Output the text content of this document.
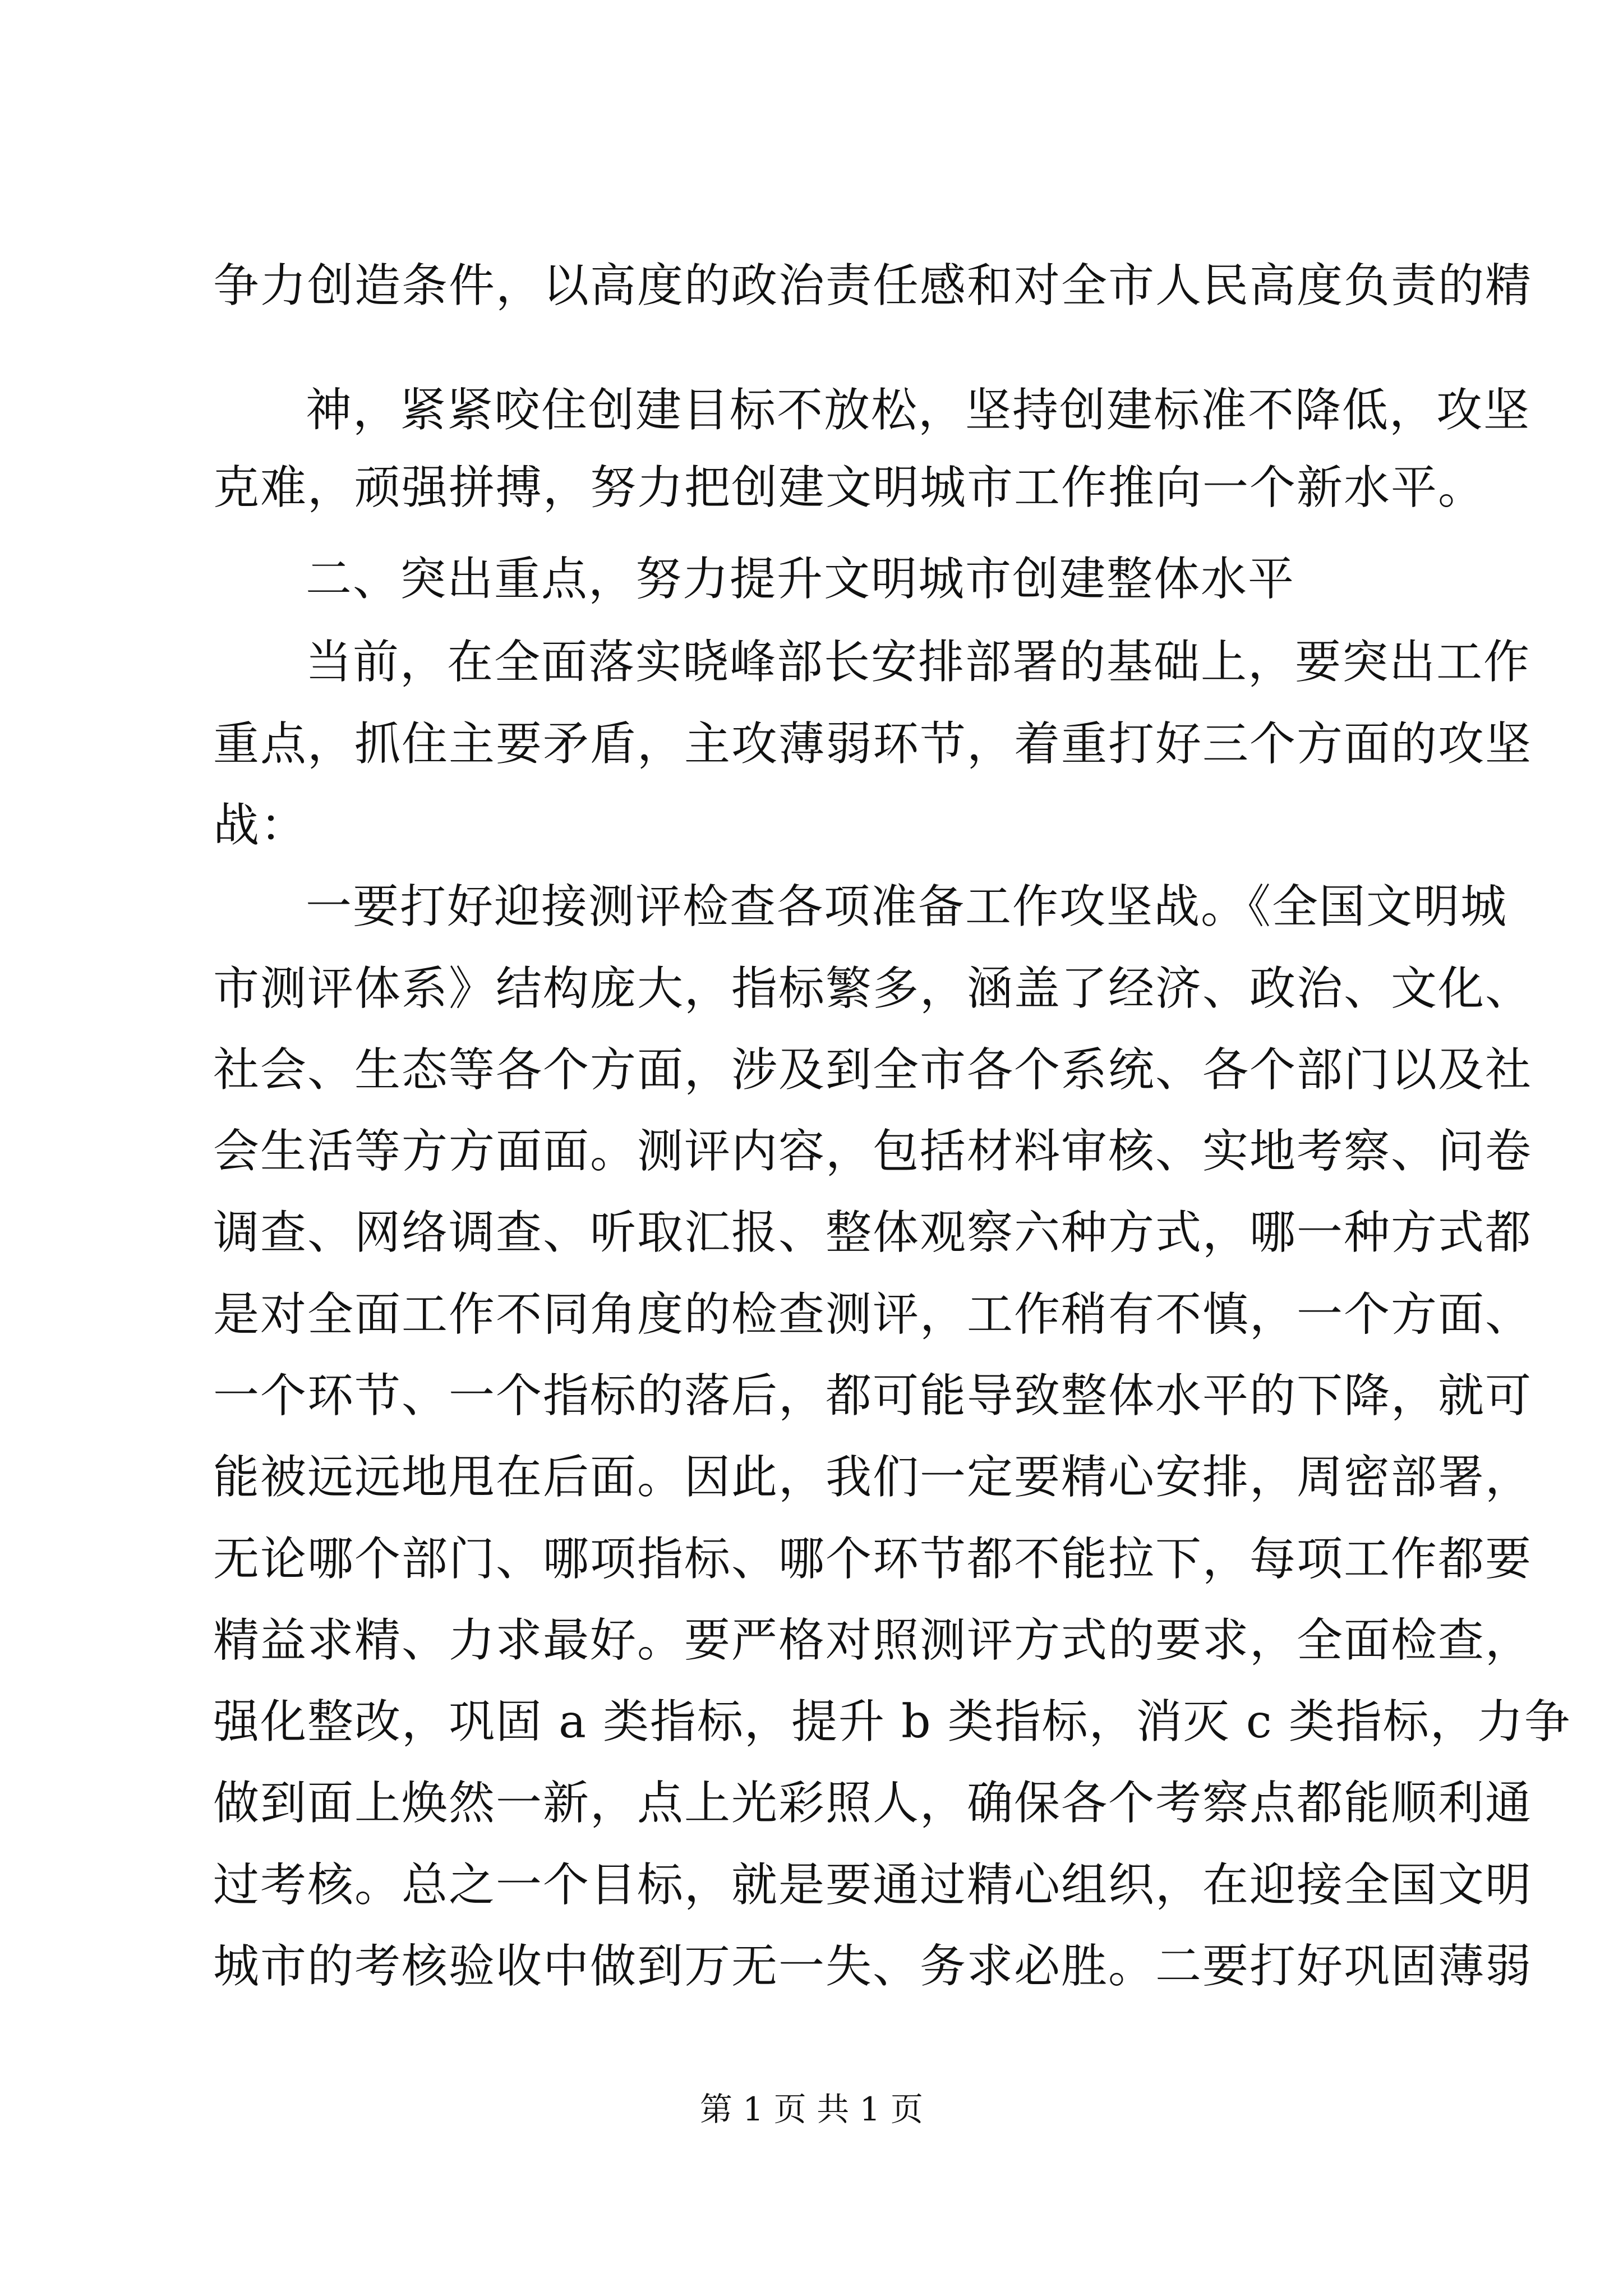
争力创造条件，以高度的政治责任感和对全市人民高度负责的精
神，紧紧咬住创建目标不放松，坚持创建标准不降低，攻坚
克难，顽强拼搏，努力把创建文明城市工作推向一个新水平。
二、突出重点，努力提升文明城市创建整体水平
当前，在全面落实晓峰部长安排部署的基础上，要突出工作
重点，抓住主要矛盾，主攻薄弱环节，着重打好三个方面的攻坚
战：
一要打好迎接测评检查各项准备工作攻坚战。《全国文明城
市测评体系》结构庞大，指标繁多，涵盖了经济、政治、文化、
社会、生态等各个方面，涉及到全市各个系统、各个部门以及社
会生活等方方面面。测评内容，包括材料审核、实地考察、问卷
调查、网络调查、听取汇报、整体观察六种方式，哪一种方式都
是对全面工作不同角度的检查测评，工作稍有不慎，一个方面、
一个环节、一个指标的落后，都可能导致整体水平的下降，就可
能被远远地甩在后面。因此，我们一定要精心安排，周密部署，
无论哪个部门、哪项指标、哪个环节都不能拉下，每项工作都要
精益求精、力求最好。要严格对照测评方式的要求，全面检查，
强化整改，巩固 a 类指标，提升 b 类指标，消灭 c 类指标，力争
做到面上焕然一新，点上光彩照人，确保各个考察点都能顺利通
过考核。总之一个目标，就是要通过精心组织，在迎接全国文明
城市的考核验收中做到万无一失、务求必胜。二要打好巩固薄弱
第 1 页 共 1 页
